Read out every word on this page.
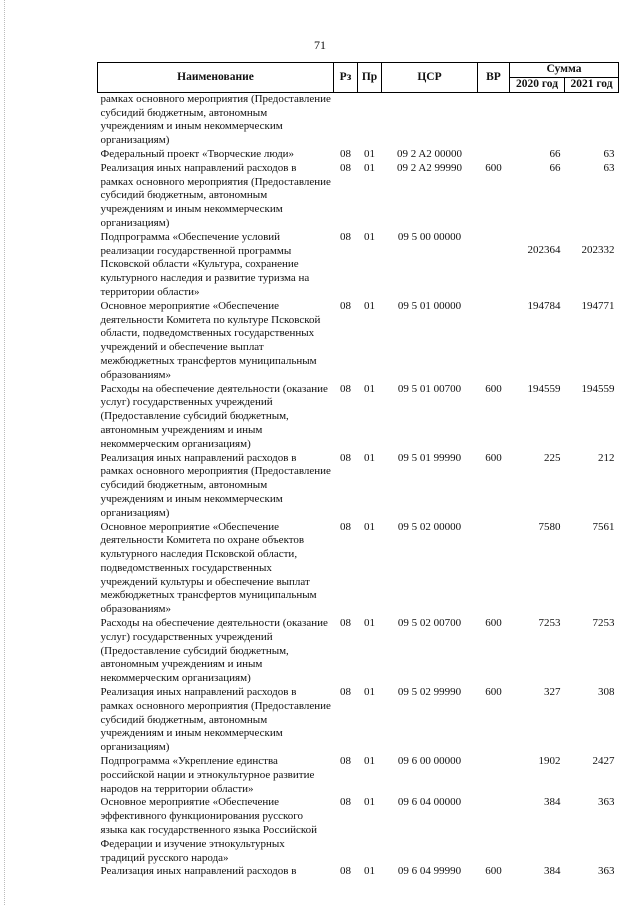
71
Наименование	Рз	Пр	ЦСР	ВР	Сумма	
					2020 год	2021 год
рамках основного мероприятия (Предоставление субсидий бюджетным, автономным учреждениям и иным некоммерческим организациям)						
Федеральный проект «Творческие люди»	08	01	09 2 A2 00000		66	63
Реализация иных направлений расходов в рамках основного мероприятия (Предоставление субсидий бюджетным, автономным учреждениям и иным некоммерческим организациям)	08	01	09 2 A2 99990	600	66	63
Подпрограмма «Обеспечение условий реализации государственной программы Псковской области «Культура, сохранение культурного наследия и развитие туризма на территории области»	08	01	09 5 00 00000		202364	202332
Основное мероприятие «Обеспечение деятельности Комитета по культуре Псковской области, подведомственных государственных учреждений и обеспечение выплат межбюджетных трансфертов муниципальным образованиям»	08	01	09 5 01 00000		194784	194771
Расходы на обеспечение деятельности (оказание услуг) государственных учреждений (Предоставление субсидий бюджетным, автономным учреждениям и иным некоммерческим организациям)	08	01	09 5 01 00700	600	194559	194559
Реализация иных направлений расходов в рамках основного мероприятия (Предоставление субсидий бюджетным, автономным учреждениям и иным некоммерческим организациям)	08	01	09 5 01 99990	600	225	212
Основное мероприятие «Обеспечение деятельности Комитета по охране объектов культурного наследия Псковской области, подведомственных государственных учреждений культуры и обеспечение выплат межбюджетных трансфертов муниципальным образованиям»	08	01	09 5 02 00000		7580	7561
Расходы на обеспечение деятельности (оказание услуг) государственных учреждений (Предоставление субсидий бюджетным, автономным учреждениям и иным некоммерческим организациям)	08	01	09 5 02 00700	600	7253	7253
Реализация иных направлений расходов в рамках основного мероприятия (Предоставление субсидий бюджетным, автономным учреждениям и иным некоммерческим организациям)	08	01	09 5 02 99990	600	327	308
Подпрограмма «Укрепление единства российской нации и этнокультурное развитие народов на территории области»	08	01	09 6 00 00000		1902	2427
Основное мероприятие «Обеспечение эффективного функционирования русского языка как государственного языка Российской Федерации и изучение этнокультурных традиций русского народа»	08	01	09 6 04 00000		384	363
Реализация иных направлений расходов в	08	01	09 6 04 99990	600	384	363
